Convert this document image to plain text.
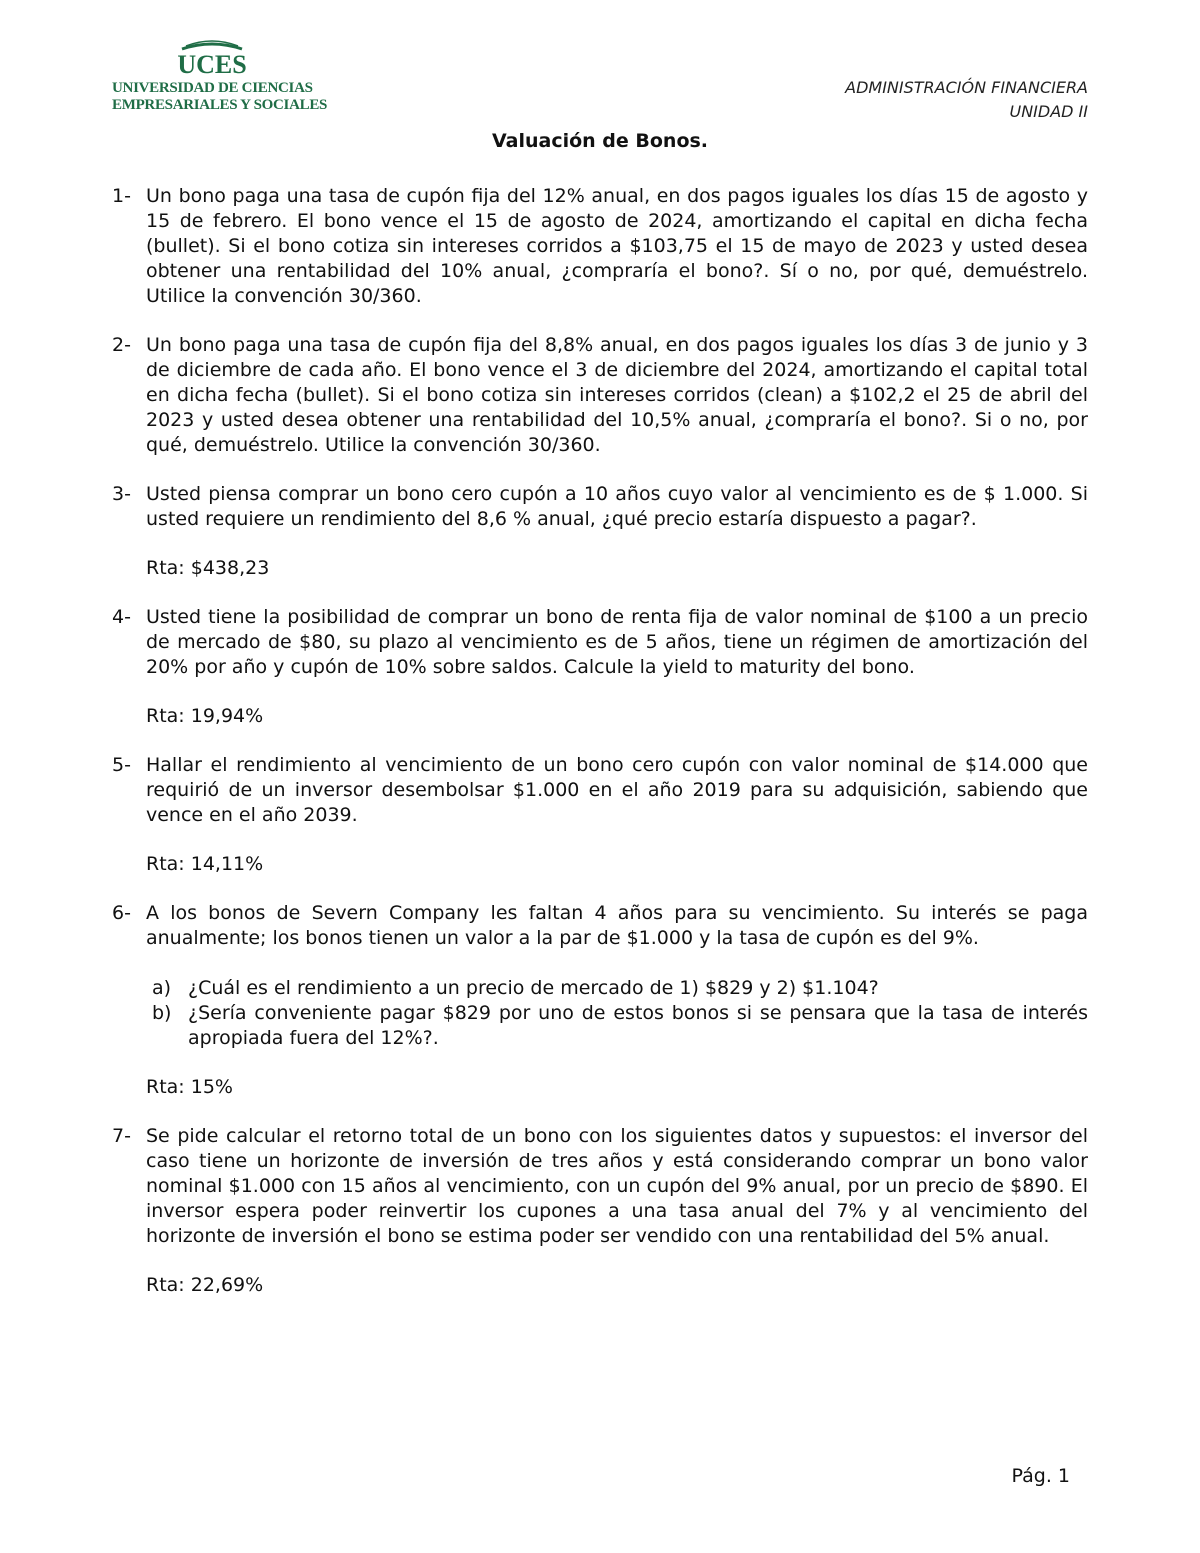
UCES
UNIVERSIDAD DE CIENCIAS
EMPRESARIALES Y SOCIALES
ADMINISTRACIÓN FINANCIERA
UNIDAD II
Valuación de Bonos.
1- Un bono paga una tasa de cupón fija del 12% anual, en dos pagos iguales los días 15 de agosto y 15 de febrero. El bono vence el 15 de agosto de 2024, amortizando el capital en dicha fecha (bullet). Si el bono cotiza sin intereses corridos a $103,75 el 15 de mayo de 2023 y usted desea obtener una rentabilidad del 10% anual, ¿compraría el bono?. Sí o no, por qué, demuéstrelo. Utilice la convención 30/360.

2- Un bono paga una tasa de cupón fija del 8,8% anual, en dos pagos iguales los días 3 de junio y 3 de diciembre de cada año. El bono vence el 3 de diciembre del 2024, amortizando el capital total en dicha fecha (bullet). Si el bono cotiza sin intereses corridos (clean) a $102,2 el 25 de abril del 2023 y usted desea obtener una rentabilidad del 10,5% anual, ¿compraría el bono?. Si o no, por qué, demuéstrelo. Utilice la convención 30/360.

3- Usted piensa comprar un bono cero cupón a 10 años cuyo valor al vencimiento es de $ 1.000. Si usted requiere un rendimiento del 8,6 % anual, ¿qué precio estaría dispuesto a pagar?.

Rta: $438,23
4- Usted tiene la posibilidad de comprar un bono de renta fija de valor nominal de $100 a un precio de mercado de $80, su plazo al vencimiento es de 5 años, tiene un régimen de amortización del 20% por año y cupón de 10% sobre saldos. Calcule la yield to maturity del bono.

Rta: 19,94%
5- Hallar el rendimiento al vencimiento de un bono cero cupón con valor nominal de $14.000 que requirió de un inversor desembolsar $1.000 en el año 2019 para su adquisición, sabiendo que vence en el año 2039.

Rta: 14,11%
6- A los bonos de Severn Company les faltan 4 años para su vencimiento. Su interés se paga anualmente; los bonos tienen un valor a la par de $1.000 y la tasa de cupón es del 9%.

a) ¿Cuál es el rendimiento a un precio de mercado de 1) $829 y 2) $1.104?

b) ¿Sería conveniente pagar $829 por uno de estos bonos si se pensara que la tasa de interés apropiada fuera del 12%?.

Rta: 15%
7- Se pide calcular el retorno total de un bono con los siguientes datos y supuestos: el inversor del caso tiene un horizonte de inversión de tres años y está considerando comprar un bono valor nominal $1.000 con 15 años al vencimiento, con un cupón del 9% anual, por un precio de $890. El inversor espera poder reinvertir los cupones a una tasa anual del 7% y al vencimiento del horizonte de inversión el bono se estima poder ser vendido con una rentabilidad del 5% anual.

Rta: 22,69%
Pág. 1
